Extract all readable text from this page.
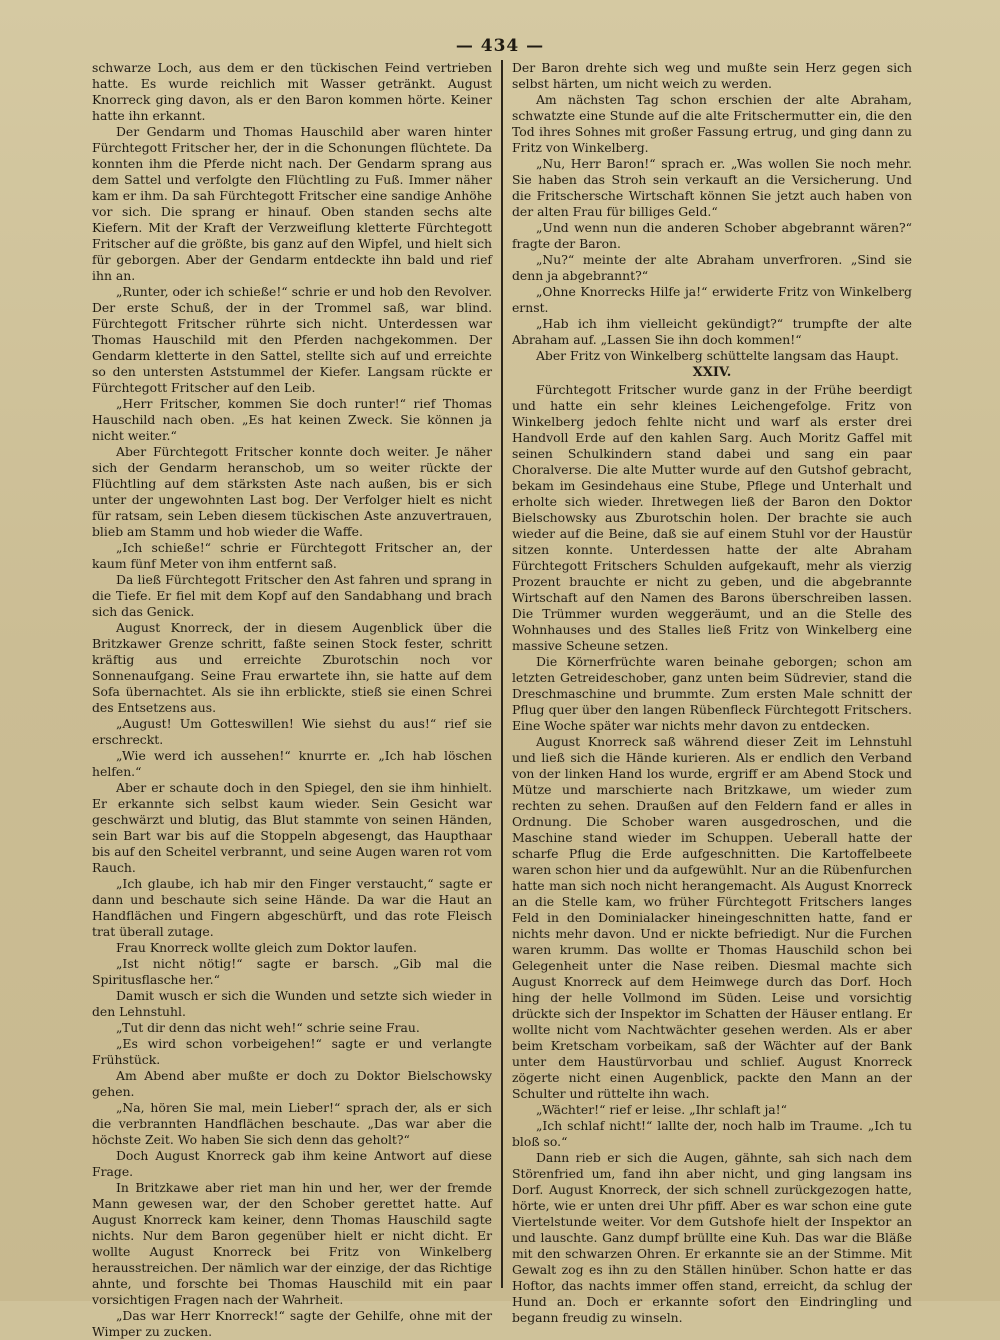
— 434 —

schwarze Loch, aus dem er den tückischen Feind vertrieben hatte. Es wurde reichlich mit Wasser getränkt. August Knorreck ging davon, als er den Baron kommen hörte. Keiner hatte ihn erkannt.

Der Gendarm und Thomas Hauschild aber waren hinter Fürchtegott Fritscher her, der in die Schonungen flüchtete. Da konnten ihm die Pferde nicht nach. Der Gendarm sprang aus dem Sattel und verfolgte den Flüchtling zu Fuß. Immer näher kam er ihm. Da sah Fürchtegott Fritscher eine sandige Anhöhe vor sich. Die sprang er hinauf. Oben standen sechs alte Kiefern. Mit der Kraft der Verzweiflung kletterte Fürchtegott Fritscher auf die größte, bis ganz auf den Wipfel, und hielt sich für geborgen. Aber der Gendarm entdeckte ihn bald und rief ihn an.

„Runter, oder ich schieße!“ schrie er und hob den Revolver. Der erste Schuß, der in der Trommel saß, war blind. Fürchtegott Fritscher rührte sich nicht. Unterdessen war Thomas Hauschild mit den Pferden nachgekommen. Der Gendarm kletterte in den Sattel, stellte sich auf und erreichte so den untersten Aststummel der Kiefer. Langsam rückte er Fürchtegott Fritscher auf den Leib.

„Herr Fritscher, kommen Sie doch runter!“ rief Thomas Hauschild nach oben. „Es hat keinen Zweck. Sie können ja nicht weiter.“

Aber Fürchtegott Fritscher konnte doch weiter. Je näher sich der Gendarm heranschob, um so weiter rückte der Flüchtling auf dem stärksten Aste nach außen, bis er sich unter der ungewohnten Last bog. Der Verfolger hielt es nicht für ratsam, sein Leben diesem tückischen Aste anzuvertrauen, blieb am Stamm und hob wieder die Waffe.

„Ich schieße!“ schrie er Fürchtegott Fritscher an, der kaum fünf Meter von ihm entfernt saß.

Da ließ Fürchtegott Fritscher den Ast fahren und sprang in die Tiefe. Er fiel mit dem Kopf auf den Sandabhang und brach sich das Genick.

August Knorreck, der in diesem Augenblick über die Britzkawer Grenze schritt, faßte seinen Stock fester, schritt kräftig aus und erreichte Zburotschin noch vor Sonnenaufgang. Seine Frau erwartete ihn, sie hatte auf dem Sofa übernachtet. Als sie ihn erblickte, stieß sie einen Schrei des Entsetzens aus.

„August! Um Gotteswillen! Wie siehst du aus!“ rief sie erschreckt.

„Wie werd ich aussehen!“ knurrte er. „Ich hab löschen helfen.“

Aber er schaute doch in den Spiegel, den sie ihm hinhielt. Er erkannte sich selbst kaum wieder. Sein Gesicht war geschwärzt und blutig, das Blut stammte von seinen Händen, sein Bart war bis auf die Stoppeln abgesengt, das Haupthaar bis auf den Scheitel verbrannt, und seine Augen waren rot vom Rauch.

„Ich glaube, ich hab mir den Finger verstaucht,“ sagte er dann und beschaute sich seine Hände. Da war die Haut an Handflächen und Fingern abgeschürft, und das rote Fleisch trat überall zutage.

Frau Knorreck wollte gleich zum Doktor laufen.

„Ist nicht nötig!“ sagte er barsch. „Gib mal die Spiritusflasche her.“

Damit wusch er sich die Wunden und setzte sich wieder in den Lehnstuhl.

„Tut dir denn das nicht weh!“ schrie seine Frau.

„Es wird schon vorbeigehen!“ sagte er und verlangte Frühstück.

Am Abend aber mußte er doch zu Doktor Bielschowsky gehen.

„Na, hören Sie mal, mein Lieber!“ sprach der, als er sich die verbrannten Handflächen beschaute. „Das war aber die höchste Zeit. Wo haben Sie sich denn das geholt?“

Doch August Knorreck gab ihm keine Antwort auf diese Frage.

In Britzkawe aber riet man hin und her, wer der fremde Mann gewesen war, der den Schober gerettet hatte. Auf August Knorreck kam keiner, denn Thomas Hauschild sagte nichts. Nur dem Baron gegenüber hielt er nicht dicht. Er wollte August Knorreck bei Fritz von Winkelberg herausstreichen. Der nämlich war der einzige, der das Richtige ahnte, und forschte bei Thomas Hauschild mit ein paar vorsichtigen Fragen nach der Wahrheit.

„Das war Herr Knorreck!“ sagte der Gehilfe, ohne mit der Wimper zu zucken.

Der Baron drehte sich weg und mußte sein Herz gegen sich selbst härten, um nicht weich zu werden.

Am nächsten Tag schon erschien der alte Abraham, schwatzte eine Stunde auf die alte Fritschermutter ein, die den Tod ihres Sohnes mit großer Fassung ertrug, und ging dann zu Fritz von Winkelberg.

„Nu, Herr Baron!“ sprach er. „Was wollen Sie noch mehr. Sie haben das Stroh sein verkauft an die Versicherung. Und die Fritschersche Wirtschaft können Sie jetzt auch haben von der alten Frau für billiges Geld.“

„Und wenn nun die anderen Schober abgebrannt wären?“ fragte der Baron.

„Nu?“ meinte der alte Abraham unverfroren. „Sind sie denn ja abgebrannt?“

„Ohne Knorrecks Hilfe ja!“ erwiderte Fritz von Winkelberg ernst.

„Hab ich ihm vielleicht gekündigt?“ trumpfte der alte Abraham auf. „Lassen Sie ihn doch kommen!“

Aber Fritz von Winkelberg schüttelte langsam das Haupt.

XXIV.

Fürchtegott Fritscher wurde ganz in der Frühe beerdigt und hatte ein sehr kleines Leichengefolge. Fritz von Winkelberg jedoch fehlte nicht und warf als erster drei Handvoll Erde auf den kahlen Sarg. Auch Moritz Gaffel mit seinen Schulkindern stand dabei und sang ein paar Choralverse. Die alte Mutter wurde auf den Gutshof gebracht, bekam im Gesindehaus eine Stube, Pflege und Unterhalt und erholte sich wieder. Ihretwegen ließ der Baron den Doktor Bielschowsky aus Zburotschin holen. Der brachte sie auch wieder auf die Beine, daß sie auf einem Stuhl vor der Haustür sitzen konnte. Unterdessen hatte der alte Abraham Fürchtegott Fritschers Schulden aufgekauft, mehr als vierzig Prozent brauchte er nicht zu geben, und die abgebrannte Wirtschaft auf den Namen des Barons überschreiben lassen. Die Trümmer wurden weggeräumt, und an die Stelle des Wohnhauses und des Stalles ließ Fritz von Winkelberg eine massive Scheune setzen.

Die Körnerfrüchte waren beinahe geborgen; schon am letzten Getreideschober, ganz unten beim Südrevier, stand die Dreschmaschine und brummte. Zum ersten Male schnitt der Pflug quer über den langen Rübenfleck Fürchtegott Fritschers. Eine Woche später war nichts mehr davon zu entdecken.

August Knorreck saß während dieser Zeit im Lehnstuhl und ließ sich die Hände kurieren. Als er endlich den Verband von der linken Hand los wurde, ergriff er am Abend Stock und Mütze und marschierte nach Britzkawe, um wieder zum rechten zu sehen. Draußen auf den Feldern fand er alles in Ordnung. Die Schober waren ausgedroschen, und die Maschine stand wieder im Schuppen. Ueberall hatte der scharfe Pflug die Erde aufgeschnitten. Die Kartoffelbeete waren schon hier und da aufgewühlt. Nur an die Rübenfurchen hatte man sich noch nicht herangemacht. Als August Knorreck an die Stelle kam, wo früher Fürchtegott Fritschers langes Feld in den Dominialacker hineingeschnitten hatte, fand er nichts mehr davon. Und er nickte befriedigt. Nur die Furchen waren krumm. Das wollte er Thomas Hauschild schon bei Gelegenheit unter die Nase reiben. Diesmal machte sich August Knorreck auf dem Heimwege durch das Dorf. Hoch hing der helle Vollmond im Süden. Leise und vorsichtig drückte sich der Inspektor im Schatten der Häuser entlang. Er wollte nicht vom Nachtwächter gesehen werden. Als er aber beim Kretscham vorbeikam, saß der Wächter auf der Bank unter dem Haustürvorbau und schlief. August Knorreck zögerte nicht einen Augenblick, packte den Mann an der Schulter und rüttelte ihn wach.

„Wächter!“ rief er leise. „Ihr schlaft ja!“

„Ich schlaf nicht!“ lallte der, noch halb im Traume. „Ich tu bloß so.“

Dann rieb er sich die Augen, gähnte, sah sich nach dem Störenfried um, fand ihn aber nicht, und ging langsam ins Dorf. August Knorreck, der sich schnell zurückgezogen hatte, hörte, wie er unten drei Uhr pfiff. Aber es war schon eine gute Viertelstunde weiter. Vor dem Gutshofe hielt der Inspektor an und lauschte. Ganz dumpf brüllte eine Kuh. Das war die Bläße mit den schwarzen Ohren. Er erkannte sie an der Stimme. Mit Gewalt zog es ihn zu den Ställen hinüber. Schon hatte er das Hoftor, das nachts immer offen stand, erreicht, da schlug der Hund an. Doch er erkannte sofort den Eindringling und begann freudig zu winseln.
